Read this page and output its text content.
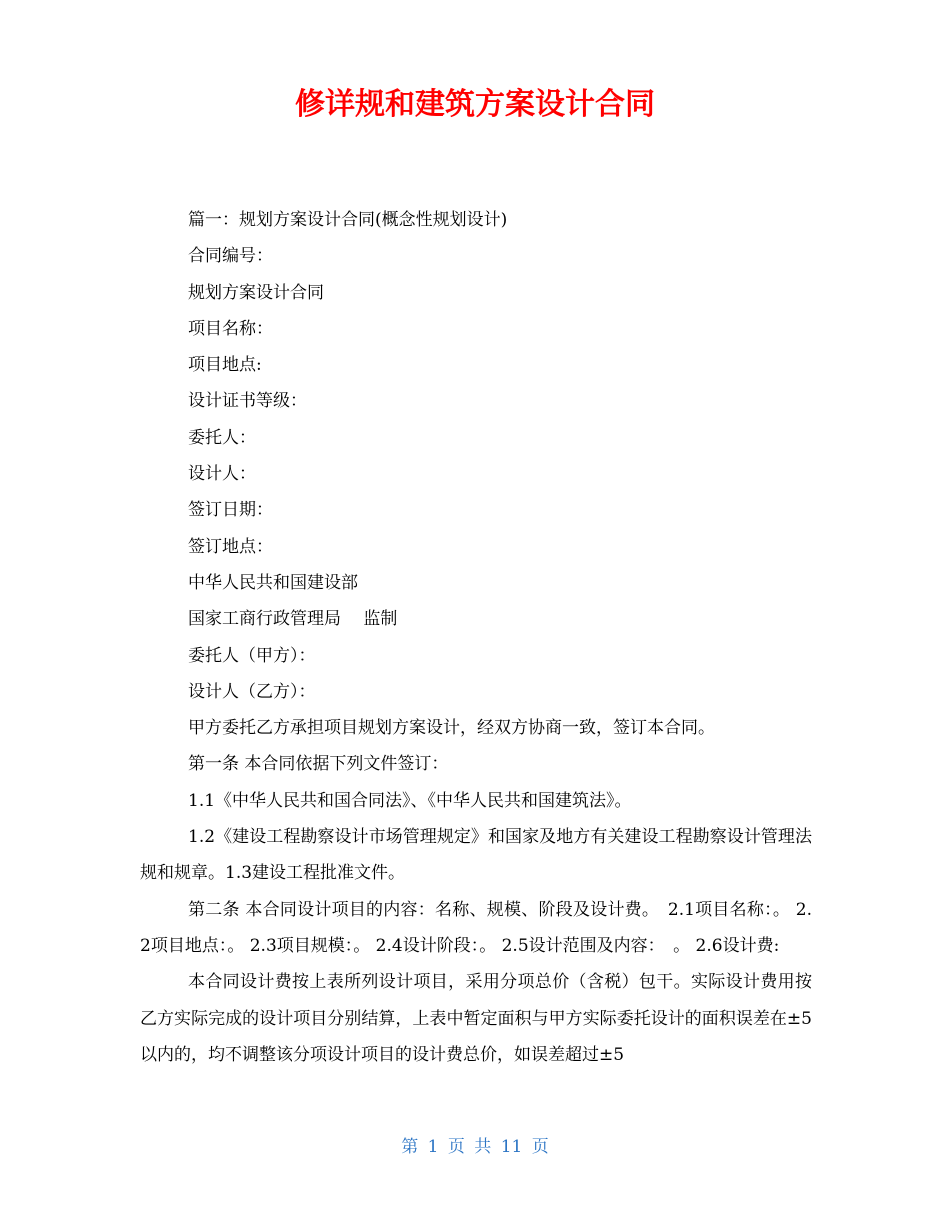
修详规和建筑方案设计合同

篇一：规划方案设计合同(概念性规划设计)

合同编号：

规划方案设计合同

项目名称：

项目地点:

设计证书等级：

委托人：

设计人：

签订日期：

签订地点：

中华人民共和国建设部

国家工商行政管理局　 监制

委托人（甲方）：

设计人（乙方）：

甲方委托乙方承担项目规划方案设计，经双方协商一致，签订本合同。

第一条 本合同依据下列文件签订：

1.1《中华人民共和国合同法》、《中华人民共和国建筑法》。

1.2《建设工程勘察设计市场管理规定》和国家及地方有关建设工程勘察设计管理法规和规章。1.3建设工程批准文件。

第二条 本合同设计项目的内容：名称、规模、阶段及设计费。　2.1项目名称：。 2.2项目地点：。 2.3项目规模：。 2.4设计阶段：。 2.5设计范围及内容：　。 2.6设计费:

本合同设计费按上表所列设计项目，采用分项总价（含税）包干。实际设计费用按乙方实际完成的设计项目分别结算，上表中暂定面积与甲方实际委托设计的面积误差在±5以内的，均不调整该分项设计项目的设计费总价，如误差超过±5

第 1 页 共 11 页
